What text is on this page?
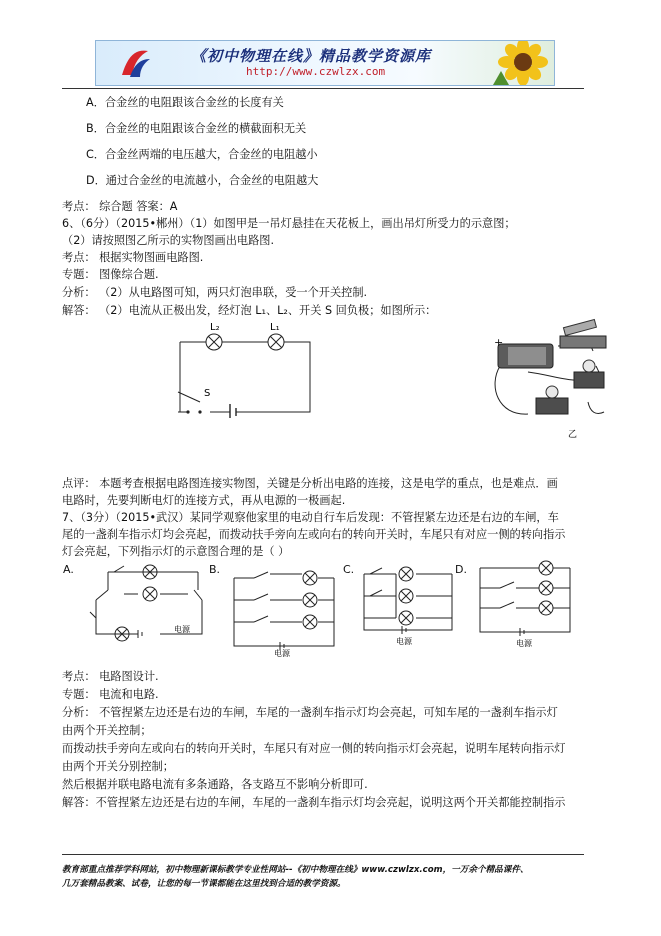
《初中物理在线》精品教学资源库
http://www.czwlzx.com
A．合金丝的电阻跟该合金丝的长度有关
B．合金丝的电阻跟该合金丝的横截面积无关
C．合金丝两端的电压越大，合金丝的电阻越小
D．通过合金丝的电流越小，合金丝的电阻越大
考点： 综合题 答案：A
6、（6分）（2015•郴州）（1）如图甲是一吊灯悬挂在天花板上，画出吊灯所受力的示意图；
（2）请按照图乙所示的实物图画出电路图.
考点： 根据实物图画电路图.
专题： 图像综合题.
分析： （2）从电路图可知，两只灯泡串联，受一个开关控制.
解答： （2）电流从正极出发，经灯泡 L₁、L₂、开关 S 回负极；如图所示：
L₂	L₁
S
+
乙
点评： 本题考查根据电路图连接实物图，关键是分析出电路的连接，这是电学的重点，也是难点．画
电路时，先要判断电灯的连接方式，再从电源的一极画起.
7、（3分）（2015•武汉）某同学观察他家里的电动自行车后发现：不管捏紧左边还是右边的车闸，车
尾的一盏刹车指示灯均会亮起，而拨动扶手旁向左或向右的转向开关时，车尾只有对应一侧的转向指示
灯会亮起，下列指示灯的示意图合理的是（ ）
A.
电源
B.
电源
C.
电源
D.
电源
考点： 电路图设计.
专题： 电流和电路.
分析： 不管捏紧左边还是右边的车闸，车尾的一盏刹车指示灯均会亮起，可知车尾的一盏刹车指示灯
由两个开关控制；
而拨动扶手旁向左或向右的转向开关时，车尾只有对应一侧的转向指示灯会亮起，说明车尾转向指示灯
由两个开关分别控制；
然后根据并联电路电流有多条通路，各支路互不影响分析即可.
解答：不管捏紧左边还是右边的车闸，车尾的一盏刹车指示灯均会亮起，说明这两个开关都能控制指示
教育部重点推荐学科网站，初中物理新课标教学专业性网站--《初中物理在线》www.czwlzx.com，一万余个精品课件、
几万套精品教案、试卷，让您的每一节课都能在这里找到合适的教学资源。
